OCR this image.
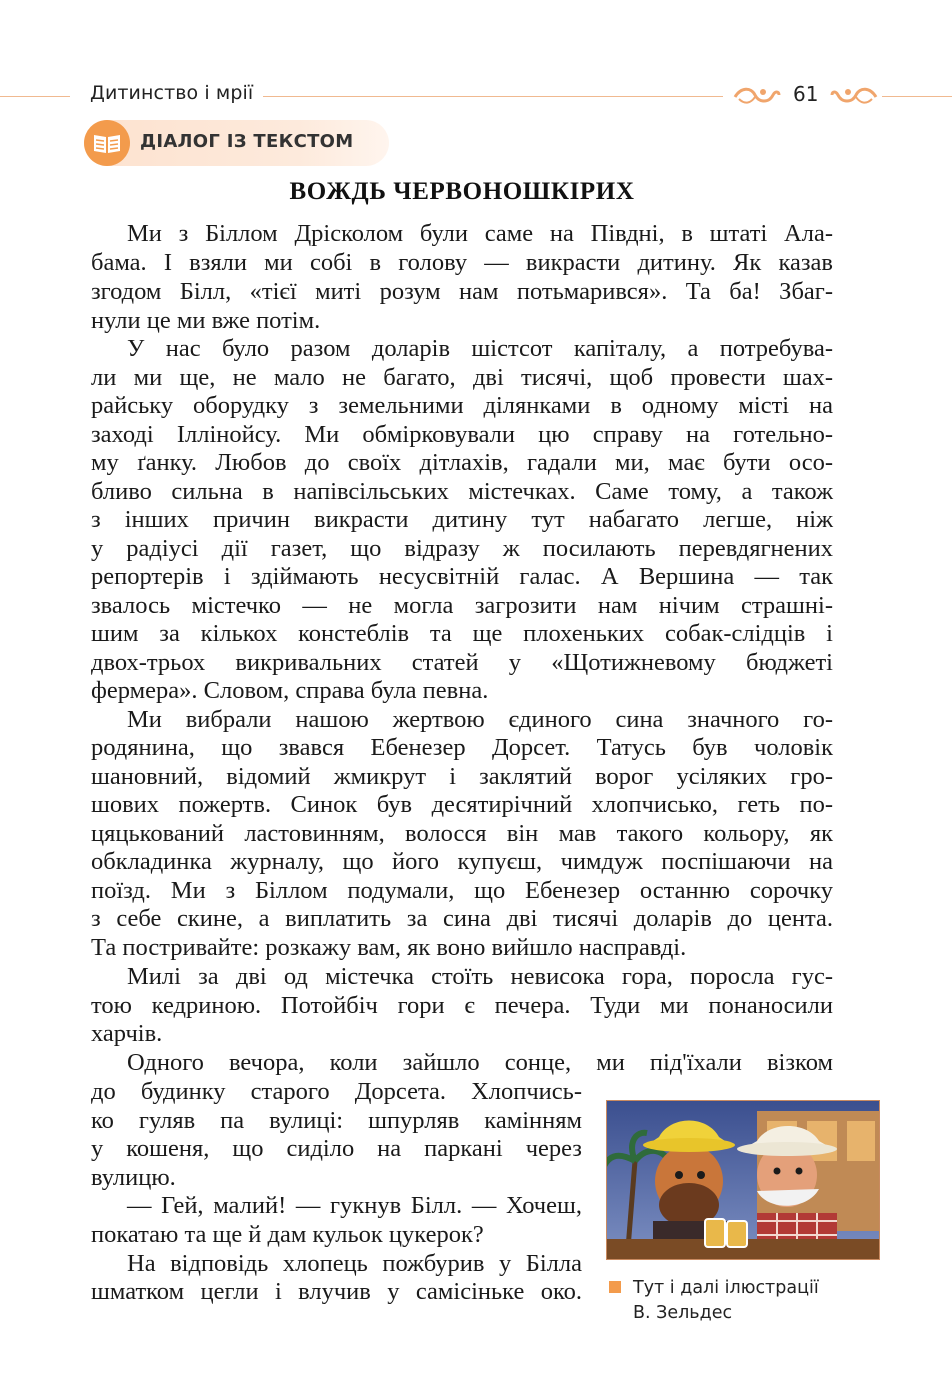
Дитинство і мрії	61
ДІАЛОГ ІЗ ТЕКСТОМ
ВОЖДЬ ЧЕРВОНОШКІРИХ
Ми з Біллом Дрісколом були саме на Півдні, в штаті Ала-
бама. І взяли ми собі в голову — викрасти дитину. Як казав
згодом Білл, «тієї миті розум нам потьмарився». Та ба! Збаг-
нули це ми вже потім.
У нас було разом доларів шістсот капіталу, а потребува-
ли ми ще, не мало не багато, дві тисячі, щоб провести шах-
райську оборудку з земельними ділянками в одному місті на
заході Іллінойсу. Ми обмірковували цю справу на готельно-
му ґанку. Любов до своїх дітлахів, гадали ми, має бути осо-
бливо сильна в напівсільських містечках. Саме тому, а також
з інших причин викрасти дитину тут набагато легше, ніж
у радіусі дії газет, що відразу ж посилають перевдягнених
репортерів і здіймають несусвітній галас. А Вершина — так
звалось містечко — не могла загрозити нам нічим страшні-
шим за кількох констеблів та ще плохеньких собак-слідців і
двох-трьох викривальних статей у «Щотижневому бюджеті
фермера». Словом, справа була певна.
Ми вибрали нашою жертвою єдиного сина значного го-
родянина, що звався Ебенезер Дорсет. Татусь був чоловік
шановний, відомий жмикрут і заклятий ворог усіляких гро-
шових пожертв. Синок був десятирічний хлопчисько, геть по-
цяцькований ластовинням, волосся він мав такого кольору, як
обкладинка журналу, що його купуєш, чимдуж поспішаючи на
поїзд. Ми з Біллом подумали, що Ебенезер останню сорочку
з себе скине, а виплатить за сина дві тисячі доларів до цента.
Та постривайте: розкажу вам, як воно вийшло насправді.
Милі за дві од містечка стоїть невисока гора, поросла гус-
тою кедриною. Потойбіч гори є печера. Туди ми понаносили
харчів.
Одного вечора, коли зайшло сонце, ми під'їхали візком
до будинку старого Дорсета. Хлопчись-
ко гуляв па вулиці: шпурляв камінням
у кошеня, що сиділо на паркані через
вулицю.
— Гей, малий! — гукнув Білл. — Хочеш,
покатаю та ще й дам кульок цукерок?
На відповідь хлопець пожбурив у Білла
шматком цегли і влучив у самісіньке око.	Тут і далі ілюстрації
В. Зельдес
